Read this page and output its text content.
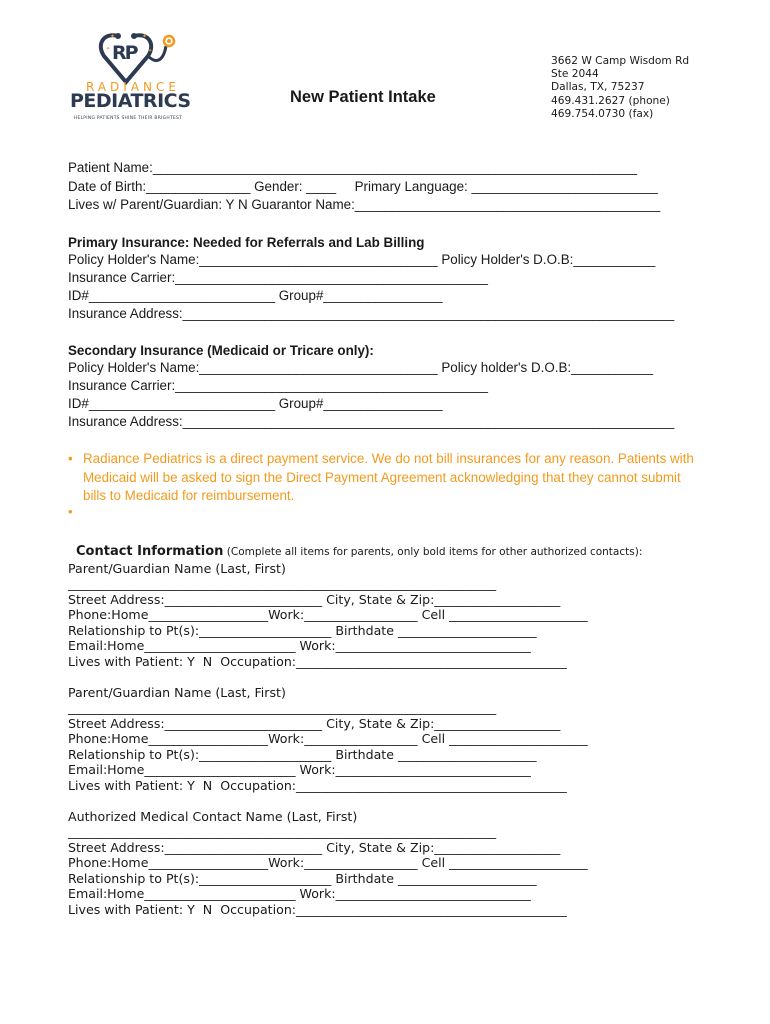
✦	✦
✦	✦
RP
RADIANCE
PEDIATRICS
HELPING PATIENTS SHINE THEIR BRIGHTEST
New Patient Intake
3662 W Camp Wisdom Rd
Ste 2044
Dallas, TX, 75237
469.431.2627 (phone)
469.754.0730 (fax)
Patient Name:_________________________________________________________________
Date of Birth:______________ Gender: ____     Primary Language: _________________________
Lives w/ Parent/Guardian: Y N Guarantor Name:_________________________________________
Primary Insurance: Needed for Referrals and Lab Billing
Policy Holder's Name:________________________________ Policy Holder's D.O.B:___________
Insurance Carrier:__________________________________________
ID#_________________________ Group#________________
Insurance Address:__________________________________________________________________
Secondary Insurance (Medicaid or Tricare only):
Policy Holder's Name:________________________________ Policy holder's D.O.B:___________
Insurance Carrier:__________________________________________
ID#_________________________ Group#________________
Insurance Address:__________________________________________________________________
• Radiance Pediatrics is a direct payment service. We do not bill insurances for any reason. Patients with Medicaid will be asked to sign the Direct Payment Agreement acknowledging that they cannot submit bills to Medicaid for reimbursement.
•

Contact Information (Complete all items for parents, only bold items for other authorized contacts):

Parent/Guardian Name (Last, First)
____________________________________________________________________
Street Address:_________________________ City, State & Zip:____________________
Phone:Home___________________Work:__________________ Cell ______________________
Relationship to Pt(s):_____________________ Birthdate ______________________
Email:Home________________________ Work:_______________________________
Lives with Patient: Y  N  Occupation:___________________________________________
Parent/Guardian Name (Last, First)
____________________________________________________________________
Street Address:_________________________ City, State & Zip:____________________
Phone:Home___________________Work:__________________ Cell ______________________
Relationship to Pt(s):_____________________ Birthdate ______________________
Email:Home________________________ Work:_______________________________
Lives with Patient: Y  N  Occupation:___________________________________________
Authorized Medical Contact Name (Last, First)
____________________________________________________________________
Street Address:_________________________ City, State & Zip:____________________
Phone:Home___________________Work:__________________ Cell ______________________
Relationship to Pt(s):_____________________ Birthdate ______________________
Email:Home________________________ Work:_______________________________
Lives with Patient: Y  N  Occupation:___________________________________________
